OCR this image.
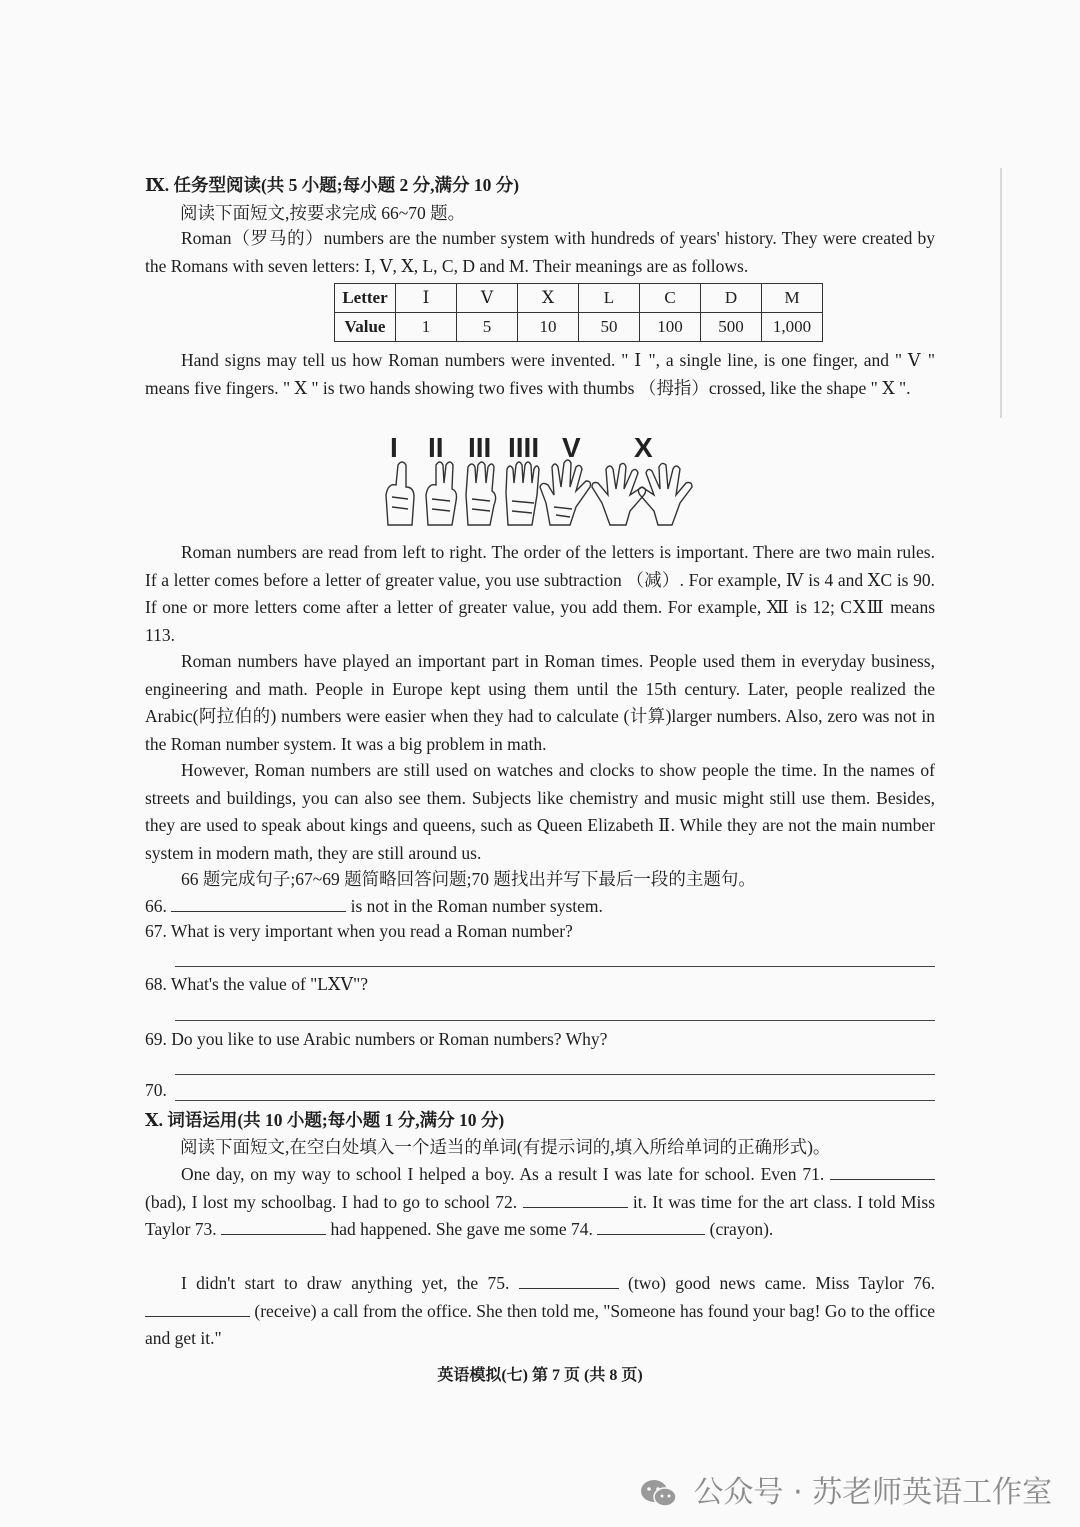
Ⅸ. 任务型阅读(共 5 小题;每小题 2 分,满分 10 分)

阅读下面短文,按要求完成 66~70 题。

Roman（罗马的）numbers are the number system with hundreds of years' history. They were created by the Romans with seven letters: Ⅰ, Ⅴ, Ⅹ, L, C, D and M. Their meanings are as follows.

Letter	Ⅰ	Ⅴ	Ⅹ	L	C	D	M
Value	1	5	10	50	100	500	1,000

Hand signs may tell us how Roman numbers were invented. " Ⅰ ", a single line, is one finger, and " Ⅴ " means five fingers. " Ⅹ " is two hands showing two fives with thumbs （拇指）crossed, like the shape " Ⅹ ".

I II III IIII V X

Roman numbers are read from left to right. The order of the letters is important. There are two main rules. If a letter comes before a letter of greater value, you use subtraction （减）. For example, Ⅳ is 4 and ⅩC is 90. If one or more letters come after a letter of greater value, you add them. For example, Ⅻ is 12; CⅩⅢ means 113.

Roman numbers have played an important part in Roman times. People used them in everyday business, engineering and math. People in Europe kept using them until the 15th century. Later, people realized the Arabic(阿拉伯的) numbers were easier when they had to calculate (计算)larger numbers. Also, zero was not in the Roman number system. It was a big problem in math.

However, Roman numbers are still used on watches and clocks to show people the time. In the names of streets and buildings, you can also see them. Subjects like chemistry and music might still use them. Besides, they are used to speak about kings and queens, such as Queen Elizabeth Ⅱ. While they are not the main number system in modern math, they are still around us.

66 题完成句子;67~69 题简略回答问题;70 题找出并写下最后一段的主题句。

66.	is not in the Roman number system.

67. What is very important when you read a Roman number?

68. What's the value of "LⅩⅤ"?

69. Do you like to use Arabic numbers or Roman numbers? Why?

70.

Ⅹ. 词语运用(共 10 小题;每小题 1 分,满分 10 分)

阅读下面短文,在空白处填入一个适当的单词(有提示词的,填入所给单词的正确形式)。

One day, on my way to school I helped a boy. As a result I was late for school. Even 71.  (bad), I lost my schoolbag. I had to go to school 72.	it. It was time for the art class. I told Miss Taylor 73.	had happened. She gave me some 74.	(crayon).

I didn't start to draw anything yet, the 75.	(two) good news came. Miss Taylor 76.  (receive) a call from the office. She then told me, "Someone has found your bag! Go to the office and get it."

英语模拟(七) 第 7 页 (共 8 页)

公众号 · 苏老师英语工作室
